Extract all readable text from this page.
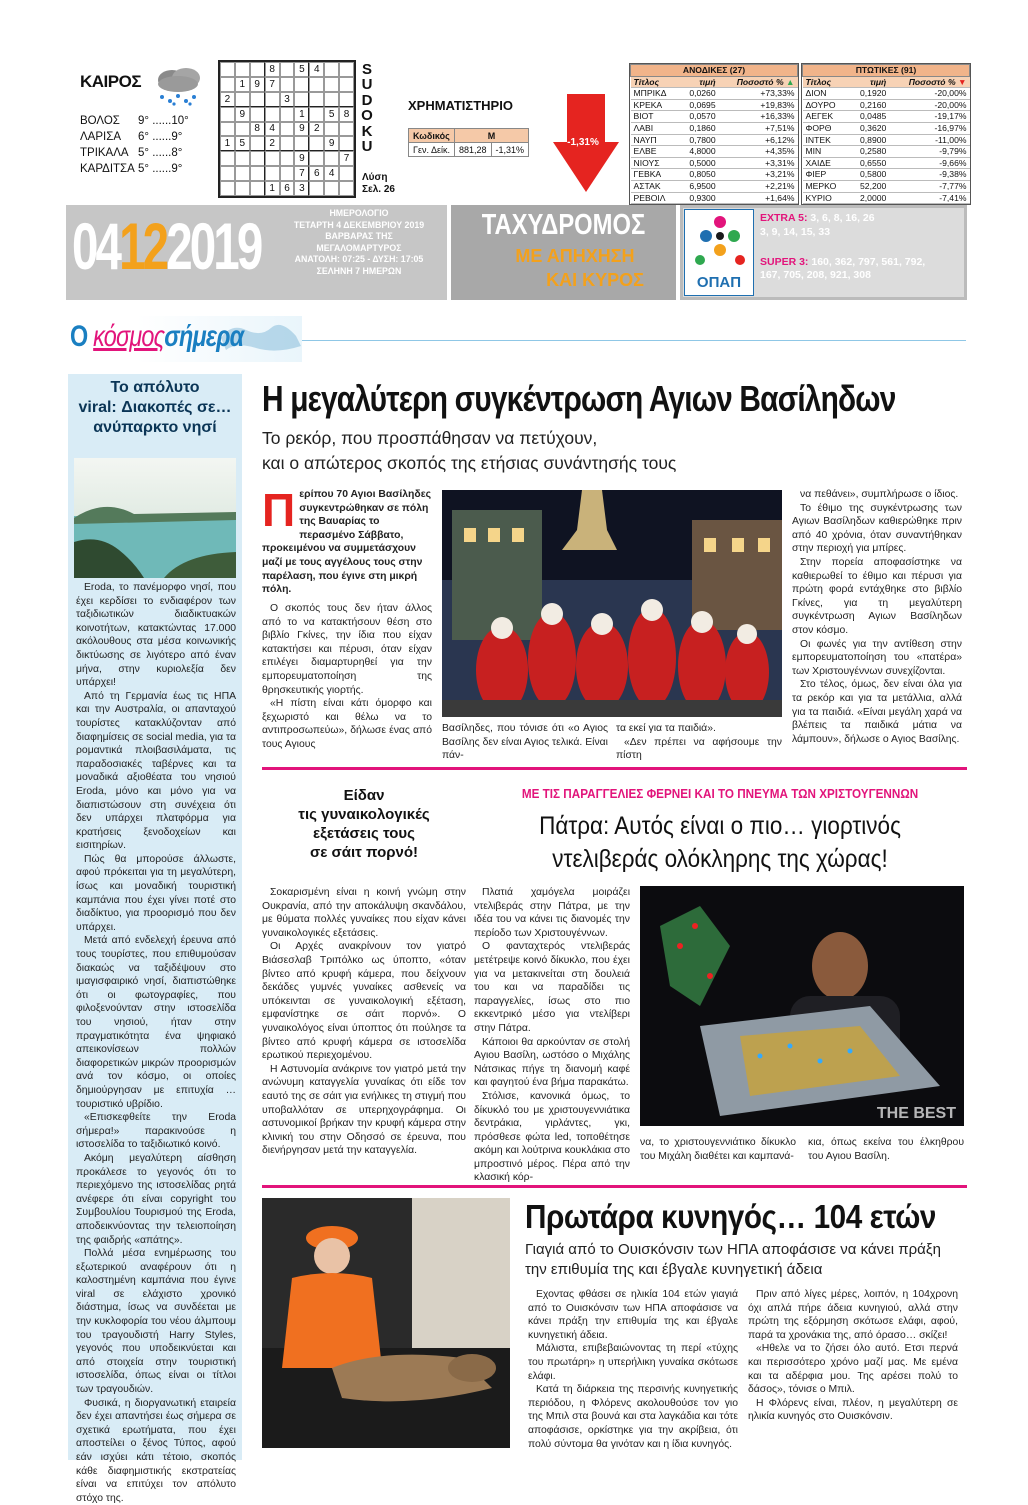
ΚΑΙΡΟΣ
ΒΟΛΟΣ	9° ......10°
ΛΑΡΙΣΑ	6° ......9°
ΤΡΙΚΑΛΑ 5° ......8°
ΚΑΡΔΙΤΣΑ 5° ......9°
8	5 4
1 9 7
2	3
9	1	5 8
8 4	9 2
1 5	2	9
9	7
7 6 4
1 6 3
S
U
D
O
K
U
Λύση
Σελ. 26
ΧΡΗΜΑΤΙΣΤΗΡΙΟ
Κωδικός	Μ	
Γεν. Δείκ.	881,28	-1,31%
-1,31%
ΑΝΟΔΙΚΕΣ (27)		
Τίτλος	τιμή	Ποσοστό % ▲
ΜΠΡΙΚΔ	0,0260	+73,33%
ΚΡΕΚΑ	0,0695	+19,83%
ΒΙΟΤ	0,0570	+16,33%
ΛΑΒΙ	0,1860	+7,51%
ΝΑΥΠ	0,7800	+6,12%
ΕΛΒΕ	4,8000	+4,35%
ΝΙΟΥΣ	0,5000	+3,31%
ΓΕΒΚΑ	0,8050	+3,21%
ΑΣΤΑΚ	6,9500	+2,21%
ΡΕΒΟΙΛ	0,9300	+1,64%
ΠΤΩΤΙΚΕΣ (91)		
Τίτλος	τιμή	Ποσοστό % ▼
ΔΙΟΝ	0,1920	-20,00%
ΔΟΥΡΟ	0,2160	-20,00%
ΑΕΓΕΚ	0,0485	-19,17%
ΦΟΡΘ	0,3620	-16,97%
ΙΝΤΕΚ	0,8900	-11,00%
ΜΙΝ	0,2580	-9,79%
ΧΑΙΔΕ	0,6550	-9,66%
ΦΙΕΡ	0,5800	-9,38%
ΜΕΡΚΟ	52,200	-7,77%
ΚΥΡΙΟ	2,0000	-7,41%
04122019	ΗΜΕΡΟΛΟΓΙΟ
ΤΕΤΑΡΤΗ 4 ΔΕΚΕΜΒΡΙΟΥ 2019
ΒΑΡΒΑΡΑΣ ΤΗΣ ΜΕΓΑΛΟΜΑΡΤΥΡΟΣ
ΑΝΑΤΟΛΗ: 07:25 - ΔΥΣΗ: 17:05
ΣΕΛΗΝΗ 7 ΗΜΕΡΩΝ
ΤΑΧΥΔΡΟΜΟΣ
ΜΕ ΑΠΗΧΗΣΗ
ΚΑΙ ΚΥΡΟΣ	ΟΠΑΠ
EXTRA 5: 3, 6, 8, 16, 26
3, 9, 14, 15, 33
SUPER 3: 160, 362, 797, 561, 792,
167, 705, 208, 921, 308
Ο κόσμοςσήμερα
Το απόλυτο
viral: Διακοπές σε…
ανύπαρκτο νησί

Eroda, το πανέμορφο νησί, που έχει κερδίσει το ενδιαφέρον των ταξιδιωτικών διαδικτυακών κοινοτήτων, κατακτώντας 17.000 ακόλουθους στα μέσα κοινωνικής δικτύωσης σε λιγότερο από έναν μήνα, στην κυριολεξία δεν υπάρχει!

Από τη Γερμανία έως τις ΗΠΑ και την Αυστραλία, οι απανταχού τουρίστες κατακλύζονταν από διαφημίσεις σε social media, για τα ρομαντικά πλοιβασιλάματα, τις παραδοσιακές ταβέρνες και τα μοναδικά αξιοθέατα του νησιού Eroda, μόνο και μόνο για να διαπιστώσουν στη συνέχεια ότι δεν υπάρχει πλατφόρμα για κρατήσεις ξενοδοχείων και εισιτηρίων.

Πώς θα μπορούσε άλλωστε, αφού πρόκειται για τη μεγαλύτερη, ίσως και μοναδική τουριστική καμπάνια που έχει γίνει ποτέ στο διαδίκτυο, για προορισμό που δεν υπάρχει.

Μετά από ενδελεχή έρευνα από τους τουρίστες, που επιθυμούσαν διακαώς να ταξιδέψουν στο ιμαγισφαιρικό νησί, διαπιστώθηκε ότι οι φωτογραφίες, που φιλοξενούνταν στην ιστοσελίδα του νησιού, ήταν στην πραγματικότητα ένα ψηφιακό απεικονίσεων πολλών διαφορετικών μικρών προορισμών ανά τον κόσμο, οι οποίες δημιούργησαν με επιτυχία …τουριστικό υβρίδιο.

«Επισκεφθείτε την Eroda σήμερα!» παρακινούσε η ιστοσελίδα το ταξιδιωτικό κοινό.

Ακόμη μεγαλύτερη αίσθηση προκάλεσε το γεγονός ότι το περιεχόμενο της ιστοσελίδας ρητά ανέφερε ότι είναι copyright του Συμβουλίου Τουρισμού της Eroda, αποδεικνύοντας την τελειοποίηση της φαιδρής «απάτης».

Πολλά μέσα ενημέρωσης του εξωτερικού αναφέρουν ότι η καλοστημένη καμπάνια που έγινε viral σε ελάχιστο χρονικό διάστημα, ίσως να συνδέεται με την κυκλοφορία του νέου άλμπουμ του τραγουδιστή Harry Styles, γεγονός που υποδεικνύεται και από στοιχεία στην τουριστική ιστοσελίδα, όπως είναι οι τίτλοι των τραγουδιών.

Φυσικά, η διοργανωτική εταιρεία δεν έχει απαντήσει έως σήμερα σε σχετικά ερωτήματα, που έχει αποστείλει ο ξένος Τύπος, αφού εάν ισχύει κάτι τέτοιο, σκοπός κάθε διαφημιστικής εκστρατείας είναι να επιτύχει τον απόλυτο στόχο της.

Η μεγαλύτερη συγκέντρωση Αγιων Βασίληδων
Το ρεκόρ, που προσπάθησαν να πετύχουν,
και ο απώτερος σκοπός της ετήσιας συνάντησής τους
Περίπου 70 Αγιοι Βασίληδες συγκεντρώθηκαν σε πόλη της Βαυαρίας το περασμένο Σάββατο, προκειμένου να συμμετάσχουν μαζί με τους αγγέλους τους στην παρέλαση, που έγινε στη μικρή πόλη.

Ο σκοπός τους δεν ήταν άλλος από το να κατακτήσουν θέση στο βιβλίο Γκίνες, την ίδια που είχαν κατακτήσει και πέρυσι, όταν είχαν επιλέγει διαμαρτυρηθεί για την εμπορευματοποίηση της θρησκευτικής γιορτής.

«Η πίστη είναι κάτι όμορφο και ξεχωριστό και θέλω να το αντιπροσωπεύω», δήλωσε ένας από τους Αγιους

Βασίληδες, που τόνισε ότι «ο Αγιος Βασίλης δεν είναι Αγιος τελικά. Είναι πάν-
τα εκεί για τα παιδιά».
«Δεν πρέπει να αφήσουμε την πίστη

να πεθάνει», συμπλήρωσε ο ίδιος.

Το έθιμο της συγκέντρωσης των Αγιων Βασίληδων καθιερώθηκε πριν από 40 χρόνια, όταν συναντήθηκαν στην περιοχή για μπίρες.

Στην πορεία αποφασίστηκε να καθιερωθεί το έθιμο και πέρυσι για πρώτη φορά εντάχθηκε στο βιβλίο Γκίνες, για τη μεγαλύτερη συγκέντρωση Αγιων Βασίληδων στον κόσμο.

Οι φωνές για την αντίθεση στην εμπορευματοποίηση του «πατέρα» των Χριστουγέννων συνεχίζονται.

Στο τέλος, όμως, δεν είναι όλα για τα ρεκόρ και για τα μετάλλια, αλλά για τα παιδιά. «Είναι μεγάλη χαρά να βλέπεις τα παιδικά μάτια να λάμπουν», δήλωσε ο Αγιος Βασίλης.

Είδαν
τις γυναικολογικές
εξετάσεις τους
σε σάιτ πορνό!

Σοκαρισμένη είναι η κοινή γνώμη στην Ουκρανία, από την αποκάλυψη σκανδάλου, με θύματα πολλές γυναίκες που είχαν κάνει γυναικολογικές εξετάσεις.

Οι Αρχές ανακρίνουν τον γιατρό Βιάσεσλαβ Τριπόλκο ως ύποπτο, «όταν βίντεο από κρυφή κάμερα, που δείχνουν δεκάδες γυμνές γυναίκες ασθενείς να υπόκεινται σε γυναικολογική εξέταση, εμφανίστηκε σε σάιτ πορνό». Ο γυναικολόγος είναι ύποπτος ότι πούλησε τα βίντεο από κρυφή κάμερα σε ιστοσελίδα ερωτικού περιεχομένου.

Η Αστυνομία ανάκρινε τον γιατρό μετά την ανώνυμη καταγγελία γυναίκας ότι είδε τον εαυτό της σε σάιτ για ενήλικες τη στιγμή που υποβαλλόταν σε υπερηχογράφημα. Οι αστυνομικοί βρήκαν την κρυφή κάμερα στην κλινική του στην Οδησσό σε έρευνα, που διενήργησαν μετά την καταγγελία.

ΜΕ ΤΙΣ ΠΑΡΑΓΓΕΛΙΕΣ ΦΕΡΝΕΙ ΚΑΙ ΤΟ ΠΝΕΥΜΑ ΤΩΝ ΧΡΙΣΤΟΥΓΕΝΝΩΝ
Πάτρα: Αυτός είναι ο πιο… γιορτινός
ντελιβεράς ολόκληρης της χώρας!

Πλατιά χαμόγελα μοιράζει ντελιβεράς στην Πάτρα, με την ιδέα του να κάνει τις διανομές την περίοδο των Χριστουγέννων.

Ο φανταχτερός ντελιβεράς μετέτρεψε κοινό δίκυκλο, που έχει για να μετακινείται στη δουλειά του και να παραδίδει τις παραγγελίες, ίσως στο πιο εκκεντρικό μέσο για ντελίβερι στην Πάτρα.

Κάποιοι θα αρκούνταν σε στολή Αγιου Βασίλη, ωστόσο ο Μιχάλης Νάτσικας πήγε τη διανομή καφέ και φαγητού ένα βήμα παρακάτω.

Στόλισε, κανονικά όμως, το δίκυκλό του με χριστουγεννιάτικα δεντράκια, γιρλάντες, γκι, πρόσθεσε φώτα led, τοποθέτησε ακόμη και λούτρινα κουκλάκια στο μπροστινό μέρος. Πέρα από την κλασική κόρ-

THE BEST
να, το χριστουγεννιάτικο δίκυκλο του Μιχάλη διαθέτει και καμπανά-
κια, όπως εκείνα του έλκηθρου του Αγιου Βασίλη.
Πρωτάρα κυνηγός… 104 ετών
Γιαγιά από το Ουισκόνσιν των ΗΠΑ αποφάσισε να κάνει πράξη
την επιθυμία της και έβγαλε κυνηγετική άδεια

Εχοντας φθάσει σε ηλικία 104 ετών γιαγιά από το Ουισκόνσιν των ΗΠΑ αποφάσισε να κάνει πράξη την επιθυμία της και έβγαλε κυνηγετική άδεια.

Μάλιστα, επιβεβαιώνοντας τη περί «τύχης του πρωτάρη» η υπερήλικη γυναίκα σκότωσε ελάφι.

Κατά τη διάρκεια της περσινής κυνηγετικής περιόδου, η Φλόρενς ακολουθούσε τον γιο της Μπιλ στα βουνά και στα λαγκάδια και τότε αποφάσισε, ορκίστηκε για την ακρίβεια, ότι πολύ σύντομα θα γινόταν και η ίδια κυνηγός.

Πριν από λίγες μέρες, λοιπόν, η 104χρονη όχι απλά πήρε άδεια κυνηγιού, αλλά στην πρώτη της εξόρμηση σκότωσε ελάφι, αφού, παρά τα χρονάκια της, από όρασο… σκίζει!

«Ηθελε να το ζήσει όλο αυτό. Ετσι περνά και περισσότερο χρόνο μαζί μας. Με εμένα και τα αδέρφια μου. Της αρέσει πολύ το δάσος», τόνισε ο Μπιλ.

Η Φλόρενς είναι, πλέον, η μεγαλύτερη σε ηλικία κυνηγός στο Ουισκόνσιν.
